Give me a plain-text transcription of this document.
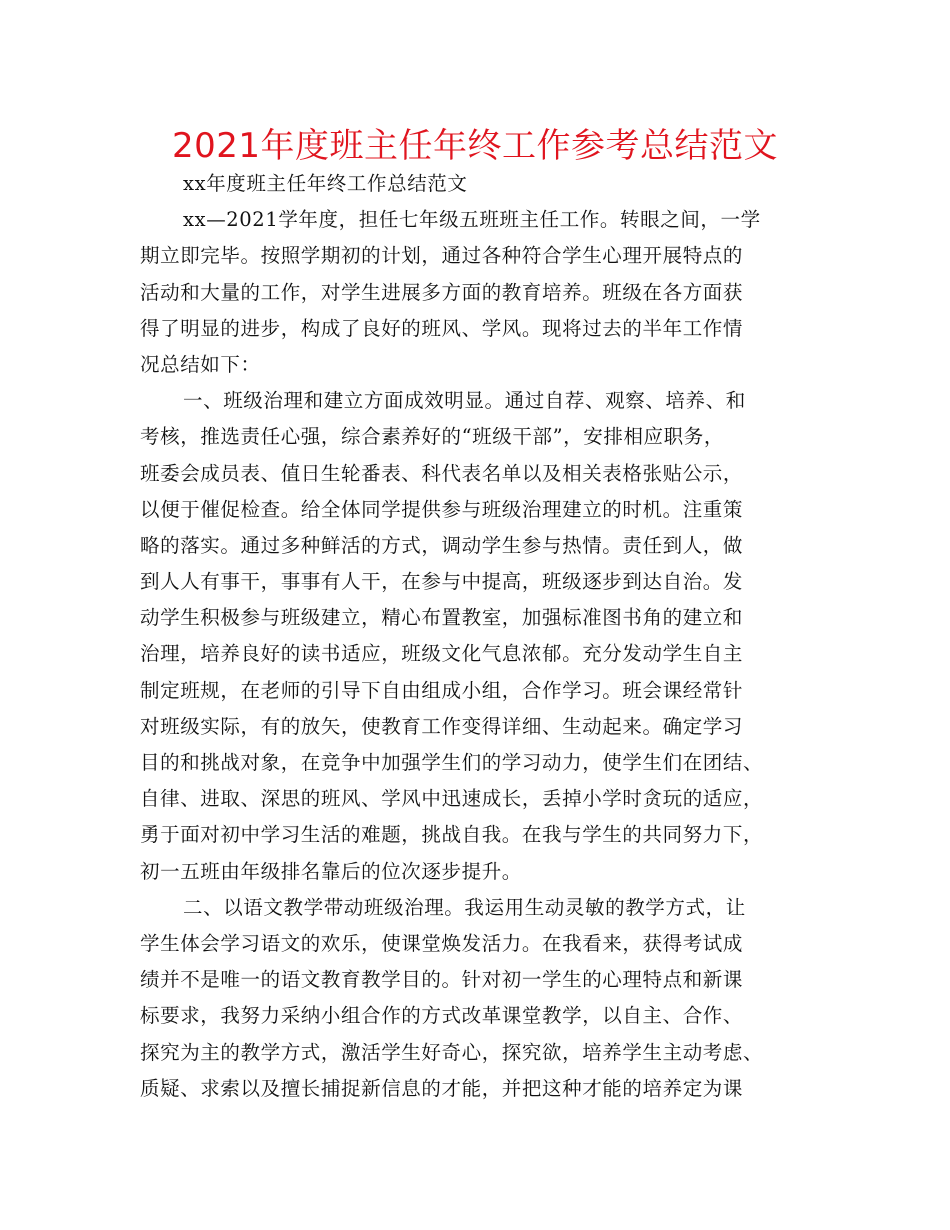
2021年度班主任年终工作参考总结范文
xx年度班主任年终工作总结范文
xx—2021学年度，担任七年级五班班主任工作。转眼之间，一学
期立即完毕。按照学期初的计划，通过各种符合学生心理开展特点的
活动和大量的工作，对学生进展多方面的教育培养。班级在各方面获
得了明显的进步，构成了良好的班风、学风。现将过去的半年工作情
况总结如下：
一、班级治理和建立方面成效明显。通过自荐、观察、培养、和
考核，推选责任心强，综合素养好的“班级干部”，安排相应职务，
班委会成员表、值日生轮番表、科代表名单以及相关表格张贴公示，
以便于催促检查。给全体同学提供参与班级治理建立的时机。注重策
略的落实。通过多种鲜活的方式，调动学生参与热情。责任到人，做
到人人有事干，事事有人干，在参与中提高，班级逐步到达自治。发
动学生积极参与班级建立，精心布置教室，加强标准图书角的建立和
治理，培养良好的读书适应，班级文化气息浓郁。充分发动学生自主
制定班规，在老师的引导下自由组成小组，合作学习。班会课经常针
对班级实际，有的放矢，使教育工作变得详细、生动起来。确定学习
目的和挑战对象，在竞争中加强学生们的学习动力，使学生们在团结、
自律、进取、深思的班风、学风中迅速成长，丢掉小学时贪玩的适应，
勇于面对初中学习生活的难题，挑战自我。在我与学生的共同努力下，
初一五班由年级排名靠后的位次逐步提升。
二、以语文教学带动班级治理。我运用生动灵敏的教学方式，让
学生体会学习语文的欢乐，使课堂焕发活力。在我看来，获得考试成
绩并不是唯一的语文教育教学目的。针对初一学生的心理特点和新课
标要求，我努力采纳小组合作的方式改革课堂教学，以自主、合作、
探究为主的教学方式，激活学生好奇心，探究欲，培养学生主动考虑、
质疑、求索以及擅长捕捉新信息的才能，并把这种才能的培养定为课
